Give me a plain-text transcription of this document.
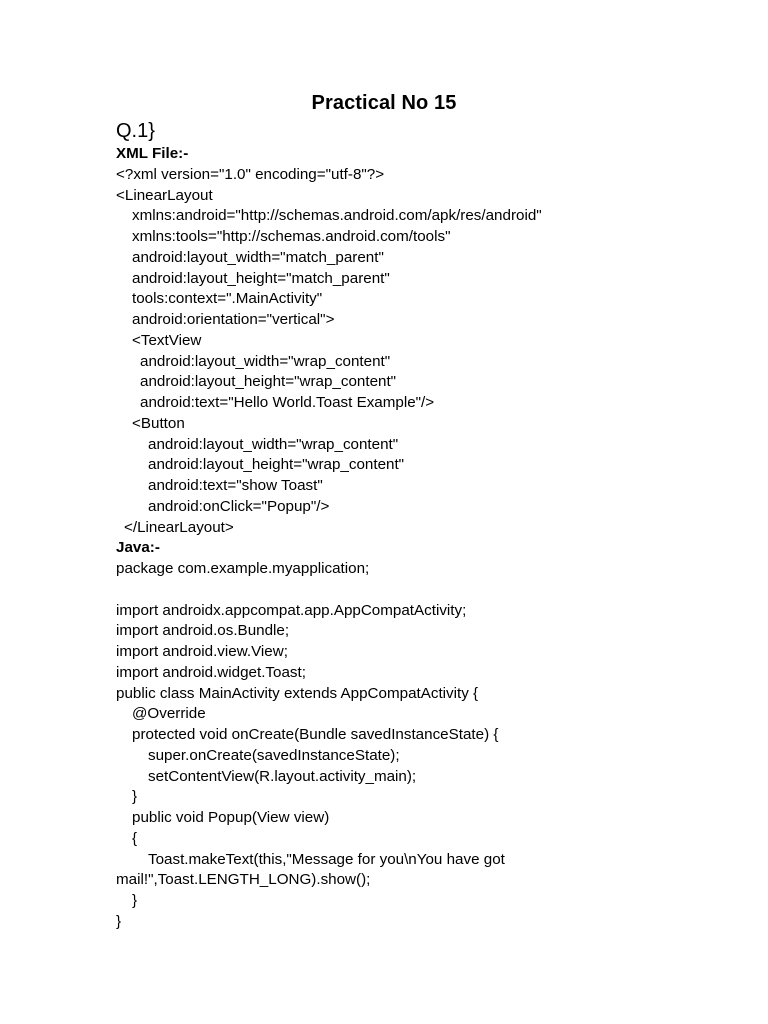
Practical No 15
Q.1}
XML File:-
<?xml version="1.0" encoding="utf-8"?>
<LinearLayout
xmlns:android="http://schemas.android.com/apk/res/android"
xmlns:tools="http://schemas.android.com/tools"
android:layout_width="match_parent"
android:layout_height="match_parent"
tools:context=".MainActivity"
android:orientation="vertical">
<TextView
android:layout_width="wrap_content"
android:layout_height="wrap_content"
android:text="Hello World.Toast Example"/>
<Button
android:layout_width="wrap_content"
android:layout_height="wrap_content"
android:text="show Toast"
android:onClick="Popup"/>
</LinearLayout>
Java:-
package com.example.myapplication;
import androidx.appcompat.app.AppCompatActivity;
import android.os.Bundle;
import android.view.View;
import android.widget.Toast;
public class MainActivity extends AppCompatActivity {
@Override
protected void onCreate(Bundle savedInstanceState) {
super.onCreate(savedInstanceState);
setContentView(R.layout.activity_main);
}
public void Popup(View view)
{
Toast.makeText(this,"Message for you\nYou have got
mail!",Toast.LENGTH_LONG).show();
}
}
